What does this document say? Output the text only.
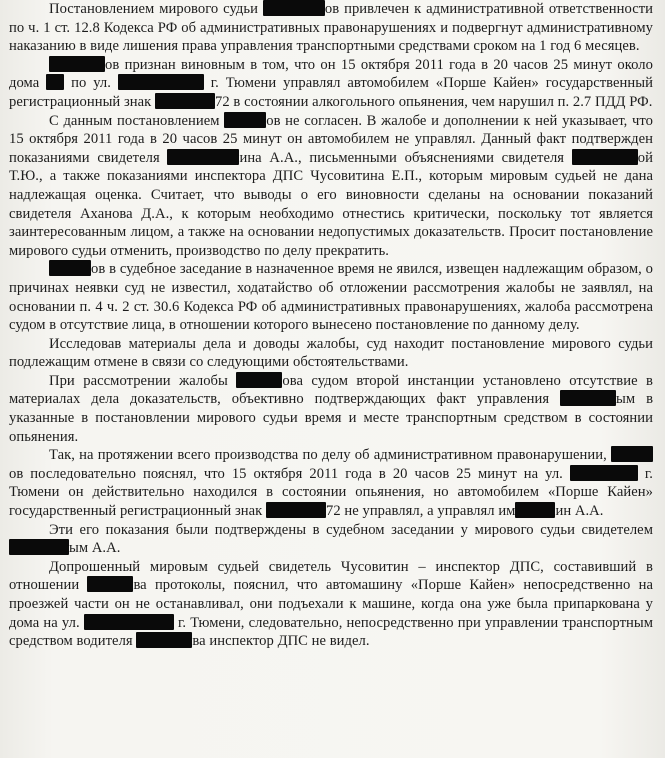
Постановлением мирового судьи	ов привлечен к административной ответственности по ч. 1 ст. 12.8 Кодекса РФ об административных правонарушениях и подвергнут административному наказанию в виде лишения права управления транспортными средствами сроком на 1 год 6 месяцев.

ов признан виновным в том, что он 15 октября 2011 года в 20 часов 25 минут около дома по ул.	г. Тюмени управлял автомобилем «Порше Кайен» государственный регистрационный знак	72 в состоянии алкогольного опьянения, чем нарушил п. 2.7 ПДД РФ.

С данным постановлением	ов не согласен. В жалобе и дополнении к ней указывает, что 15 октября 2011 года в 20 часов 25 минут он автомобилем не управлял. Данный факт подтвержден показаниями свидетеля	ина А.А., письменными объяснениями свидетеля	ой Т.Ю., а также показаниями инспектора ДПС Чусовитина Е.П., которым мировым судьей не дана надлежащая оценка. Считает, что выводы о его виновности сделаны на основании показаний свидетеля Аханова Д.А., к которым необходимо отнестись критически, поскольку тот является заинтересованным лицом, а также на основании недопустимых доказательств. Просит постановление мирового судьи отменить, производство по делу прекратить.

ов в судебное заседание в назначенное время не явился, извещен надлежащим образом, о причинах неявки суд не известил, ходатайство об отложении рассмотрения жалобы не заявлял, на основании п. 4 ч. 2 ст. 30.6 Кодекса РФ об административных правонарушениях, жалоба рассмотрена судом в отсутствие лица, в отношении которого вынесено постановление по данному делу.

Исследовав материалы дела и доводы жалобы, суд находит постановление мирового судьи подлежащим отмене в связи со следующими обстоятельствами.

При рассмотрении жалобы	ова судом второй инстанции установлено отсутствие в материалах дела доказательств, объективно подтверждающих факт управления	ым в указанные в постановлении мирового судьи время и месте транспортным средством в состоянии опьянения.

Так, на протяжении всего производства по делу об административном правонарушении, ов последовательно пояснял, что 15 октября 2011 года в 20 часов 25 минут на ул.	г. Тюмени он действительно находился в состоянии опьянения, но автомобилем «Порше Кайен» государственный регистрационный знак	72 не управлял, а управлял им	ин А.А.

Эти его показания были подтверждены в судебном заседании у мирового судьи свидетелем ым А.А.

Допрошенный мировым судьей свидетель Чусовитин – инспектор ДПС, составивший в отношении	ва протоколы, пояснил, что автомашину «Порше Кайен» непосредственно на проезжей части он не останавливал, они подъехали к машине, когда она уже была припаркована у дома на ул.	г. Тюмени, следовательно, непосредственно при управлении транспортным средством водителя	ва инспектор ДПС не видел.
